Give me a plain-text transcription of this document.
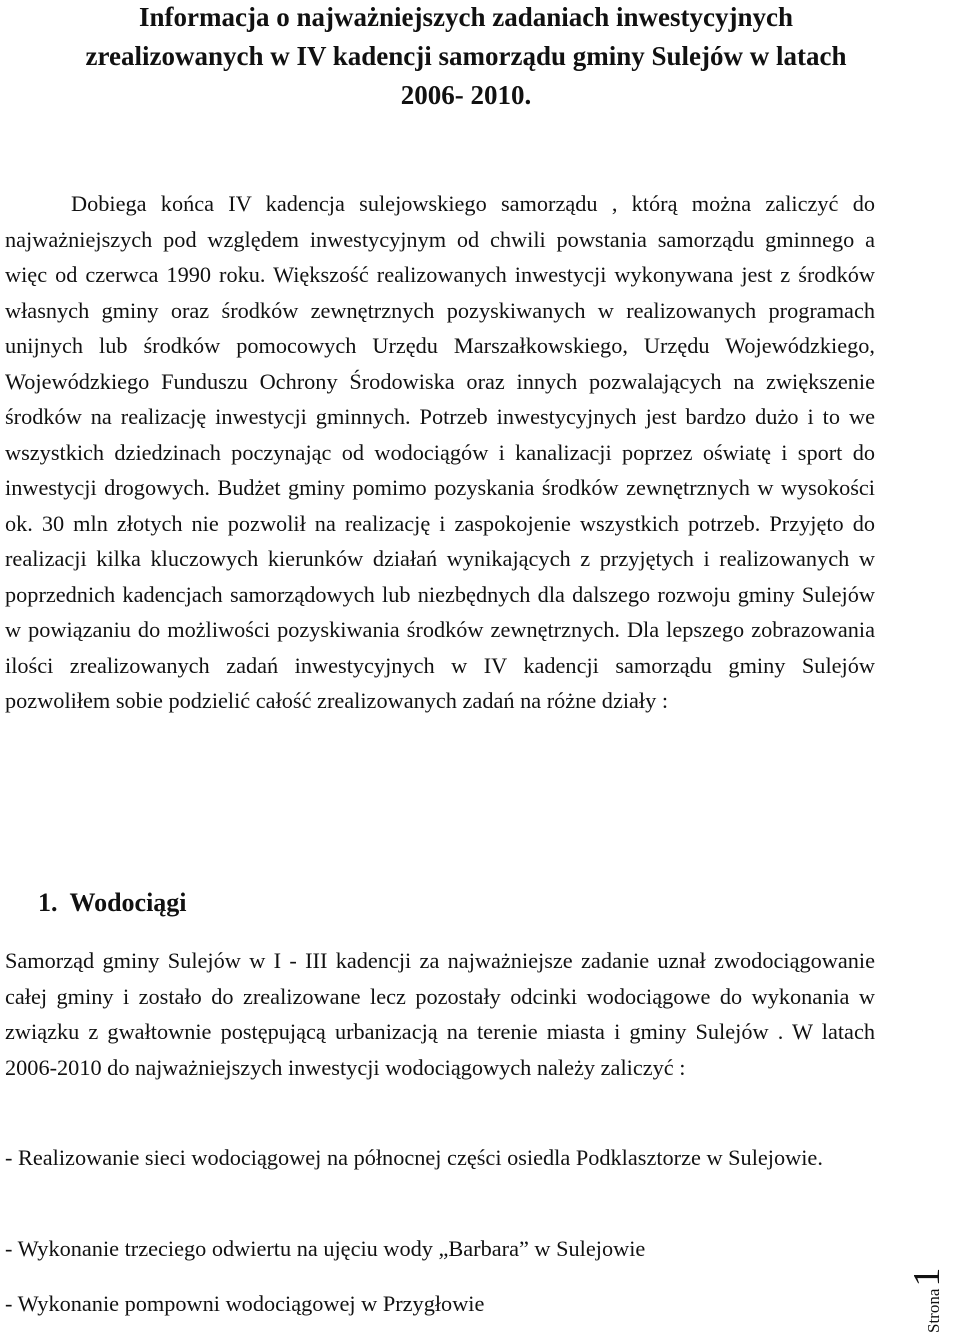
Informacja o najważniejszych zadaniach inwestycyjnych zrealizowanych w IV kadencji samorządu gminy Sulejów w latach 2006- 2010.

Dobiega końca IV kadencja sulejowskiego samorządu , którą można zaliczyć do najważniejszych pod względem inwestycyjnym od chwili powstania samorządu gminnego a więc od czerwca 1990 roku. Większość realizowanych inwestycji wykonywana jest z środków własnych gminy oraz środków zewnętrznych pozyskiwanych w realizowanych programach unijnych lub środków pomocowych Urzędu Marszałkowskiego, Urzędu Wojewódzkiego, Wojewódzkiego Funduszu Ochrony Środowiska oraz innych pozwalających na zwiększenie środków na realizację inwestycji gminnych. Potrzeb inwestycyjnych jest bardzo dużo i to we wszystkich dziedzinach poczynając od wodociągów i kanalizacji poprzez oświatę i sport do inwestycji drogowych. Budżet gminy pomimo pozyskania środków zewnętrznych w wysokości ok. 30 mln złotych nie pozwolił na realizację i zaspokojenie wszystkich potrzeb. Przyjęto do realizacji kilka kluczowych kierunków działań wynikających z przyjętych i realizowanych w poprzednich kadencjach samorządowych lub niezbędnych dla dalszego rozwoju gminy Sulejów w powiązaniu do możliwości pozyskiwania środków zewnętrznych. Dla lepszego zobrazowania ilości zrealizowanych zadań inwestycyjnych w IV kadencji samorządu gminy Sulejów pozwoliłem sobie podzielić całość zrealizowanych zadań na różne działy :

1. Wodociągi

Samorząd gminy Sulejów w I - III kadencji za najważniejsze zadanie uznał zwodociągowanie całej gminy i zostało do zrealizowane lecz pozostały odcinki wodociągowe do wykonania w związku z gwałtownie postępującą urbanizacją na terenie miasta i gminy Sulejów . W latach 2006-2010 do najważniejszych inwestycji wodociągowych należy zaliczyć :

- Realizowanie sieci wodociągowej na północnej części osiedla Podklasztorze w Sulejowie.

- Wykonanie trzeciego odwiertu na ujęciu wody „Barbara” w Sulejowie

- Wykonanie pompowni wodociągowej w Przygłowie	Strona1
